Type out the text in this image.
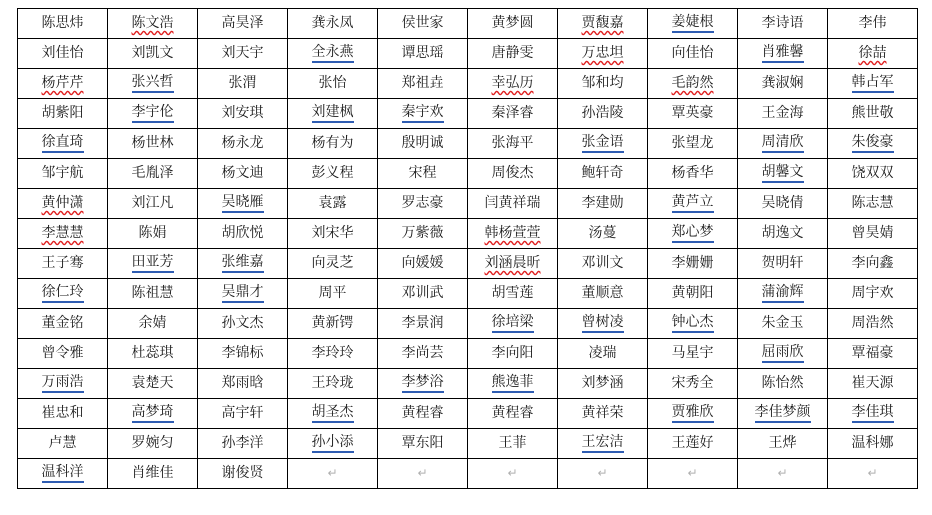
陈思炜	陈文浩	高昊泽	龚永凤	侯世家	黄梦圆	贾馥嘉	姜婕根	李诗语	李伟
刘佳怡	刘凯文	刘天宇	全永燕	谭思瑶	唐静雯	万忠坦	向佳怡	肖雅馨	徐喆
杨芹芹	张兴哲	张渭	张怡	郑祖垚	幸弘历	邹和均	毛韵然	龚淑娴	韩占军
胡紫阳	李宇伦	刘安琪	刘建枫	秦宇欢	秦泽睿	孙浩陵	覃英豪	王金海	熊世敬
徐直琦	杨世林	杨永龙	杨有为	殷明诚	张海平	张金语	张望龙	周清欣	朱俊豪
邹宇航	毛胤泽	杨文迪	彭义程	宋程	周俊杰	鲍轩奇	杨香华	胡馨文	饶双双
黄仲潇	刘江凡	吴晓雁	袁露	罗志豪	闫黄祥瑞	李建勋	黄芦立	吴晓倩	陈志慧
李慧慧	陈娟	胡欣悦	刘宋华	万紫薇	韩杨萱萱	汤蔓	郑心梦	胡逸文	曾昊婧
王子骞	田亚芳	张维嘉	向灵芝	向媛媛	刘涵晨昕	邓训文	李姗姗	贺明轩	李向鑫
徐仁玲	陈祖慧	吴鼎才	周平	邓训武	胡雪莲	董顺意	黄朝阳	蒲渝辉	周宇欢
董金铭	余婧	孙文杰	黄新锷	李景润	徐培梁	曾树凌	钟心杰	朱金玉	周浩然
曾令雅	杜蕊琪	李锦标	李玲玲	李尚芸	李向阳	凌瑞	马星宇	屈雨欣	覃福豪
万雨浩	袁楚天	郑雨晗	王玲珑	李梦浴	熊逸菲	刘梦涵	宋秀全	陈怡然	崔天源
崔忠和	高梦琦	高宇轩	胡圣杰	黄程睿	黄程睿	黄祥荣	贾雅欣	李佳梦颜	李佳琪
卢慧	罗婉匀	孙李洋	孙小添	覃东阳	王菲	王宏洁	王莲好	王烨	温科娜
温科洋	肖维佳	谢俊贤	↵	↵	↵	↵	↵	↵	↵
